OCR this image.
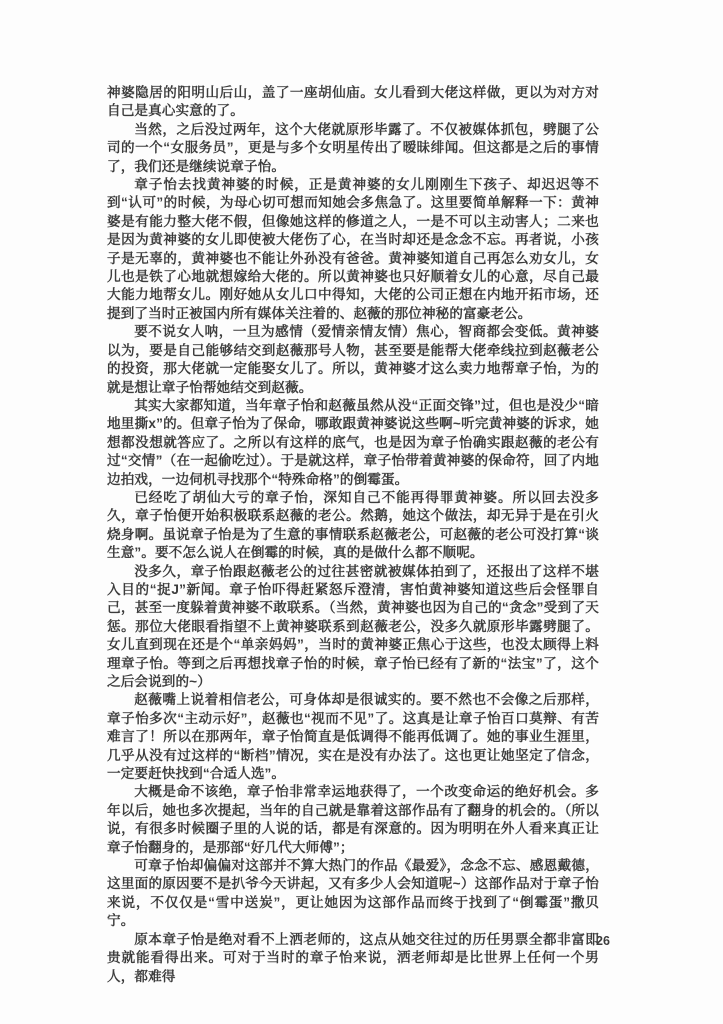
神婆隐居的阳明山后山，盖了一座胡仙庙。女儿看到大佬这样做，更以为对方对自己是真心实意的了。

当然，之后没过两年，这个大佬就原形毕露了。不仅被媒体抓包，劈腿了公司的一个“女服务员”，更是与多个女明星传出了暧昧绯闻。但这都是之后的事情了，我们还是继续说章子怡。

章子怡去找黄神婆的时候，正是黄神婆的女儿刚刚生下孩子、却迟迟等不到“认可”的时候，为母心切可想而知她会多焦急了。这里要简单解释一下：黄神婆是有能力整大佬不假，但像她这样的修道之人，一是不可以主动害人；二来也是因为黄神婆的女儿即使被大佬伤了心，在当时却还是念念不忘。再者说，小孩子是无辜的，黄神婆也不能让外孙没有爸爸。黄神婆知道自己再怎么劝女儿，女儿也是铁了心地就想嫁给大佬的。所以黄神婆也只好顺着女儿的心意，尽自己最大能力地帮女儿。刚好她从女儿口中得知，大佬的公司正想在内地开拓市场，还提到了当时正被国内所有媒体关注着的、赵薇的那位神秘的富豪老公。

要不说女人呐，一旦为感情（爱情亲情友情）焦心，智商都会变低。黄神婆以为，要是自己能够结交到赵薇那号人物，甚至要是能帮大佬牵线拉到赵薇老公的投资，那大佬就一定能娶女儿了。所以，黄神婆才这么卖力地帮章子怡，为的就是想让章子怡帮她结交到赵薇。

其实大家都知道，当年章子怡和赵薇虽然从没“正面交锋”过，但也是没少“暗地里撕x”的。但章子怡为了保命，哪敢跟黄神婆说这些啊~听完黄神婆的诉求，她想都没想就答应了。之所以有这样的底气，也是因为章子怡确实跟赵薇的老公有过“交情”（在一起偷吃过）。于是就这样，章子怡带着黄神婆的保命符，回了内地边拍戏，一边伺机寻找那个“特殊命格”的倒霉蛋。

已经吃了胡仙大亏的章子怡，深知自己不能再得罪黄神婆。所以回去没多久，章子怡便开始积极联系赵薇的老公。然鹅，她这个做法，却无异于是在引火烧身啊。虽说章子怡是为了生意的事情联系赵薇老公，可赵薇的老公可没打算“谈生意”。要不怎么说人在倒霉的时候，真的是做什么都不顺呢。

没多久，章子怡跟赵薇老公的过往甚密就被媒体拍到了，还报出了这样不堪入目的“捉J”新闻。章子怡吓得赶紧怒斥澄清，害怕黄神婆知道这些后会怪罪自己，甚至一度躲着黄神婆不敢联系。（当然，黄神婆也因为自己的“贪念”受到了天惩。那位大佬眼看指望不上黄神婆联系到赵薇老公，没多久就原形毕露劈腿了。女儿直到现在还是个“单亲妈妈”，当时的黄神婆正焦心于这些，也没太顾得上料理章子怡。等到之后再想找章子怡的时候，章子怡已经有了新的“法宝”了，这个之后会说到的~）

赵薇嘴上说着相信老公，可身体却是很诚实的。要不然也不会像之后那样，章子怡多次“主动示好”，赵薇也“视而不见”了。这真是让章子怡百口莫辩、有苦难言了！所以在那两年，章子怡简直是低调得不能再低调了。她的事业生涯里，几乎从没有过这样的“断档”情况，实在是没有办法了。这也更让她坚定了信念，一定要赶快找到“合适人选”。

大概是命不该绝，章子怡非常幸运地获得了，一个改变命运的绝好机会。多年以后，她也多次提起，当年的自己就是靠着这部作品有了翻身的机会的。（所以说，有很多时候圈子里的人说的话，都是有深意的。因为明明在外人看来真正让章子怡翻身的，是那部“好几代大师傅”；

可章子怡却偏偏对这部并不算大热门的作品《最爱》，念念不忘、感恩戴德，这里面的原因要不是扒爷今天讲起，又有多少人会知道呢~）这部作品对于章子怡来说，不仅仅是“雪中送炭”，更让她因为这部作品而终于找到了“倒霉蛋”撒贝宁。

原本章子怡是绝对看不上洒老师的，这点从她交往过的历任男票全都非富即贵就能看得出来。可对于当时的章子怡来说，洒老师却是比世界上任何一个男人，都难得

26
